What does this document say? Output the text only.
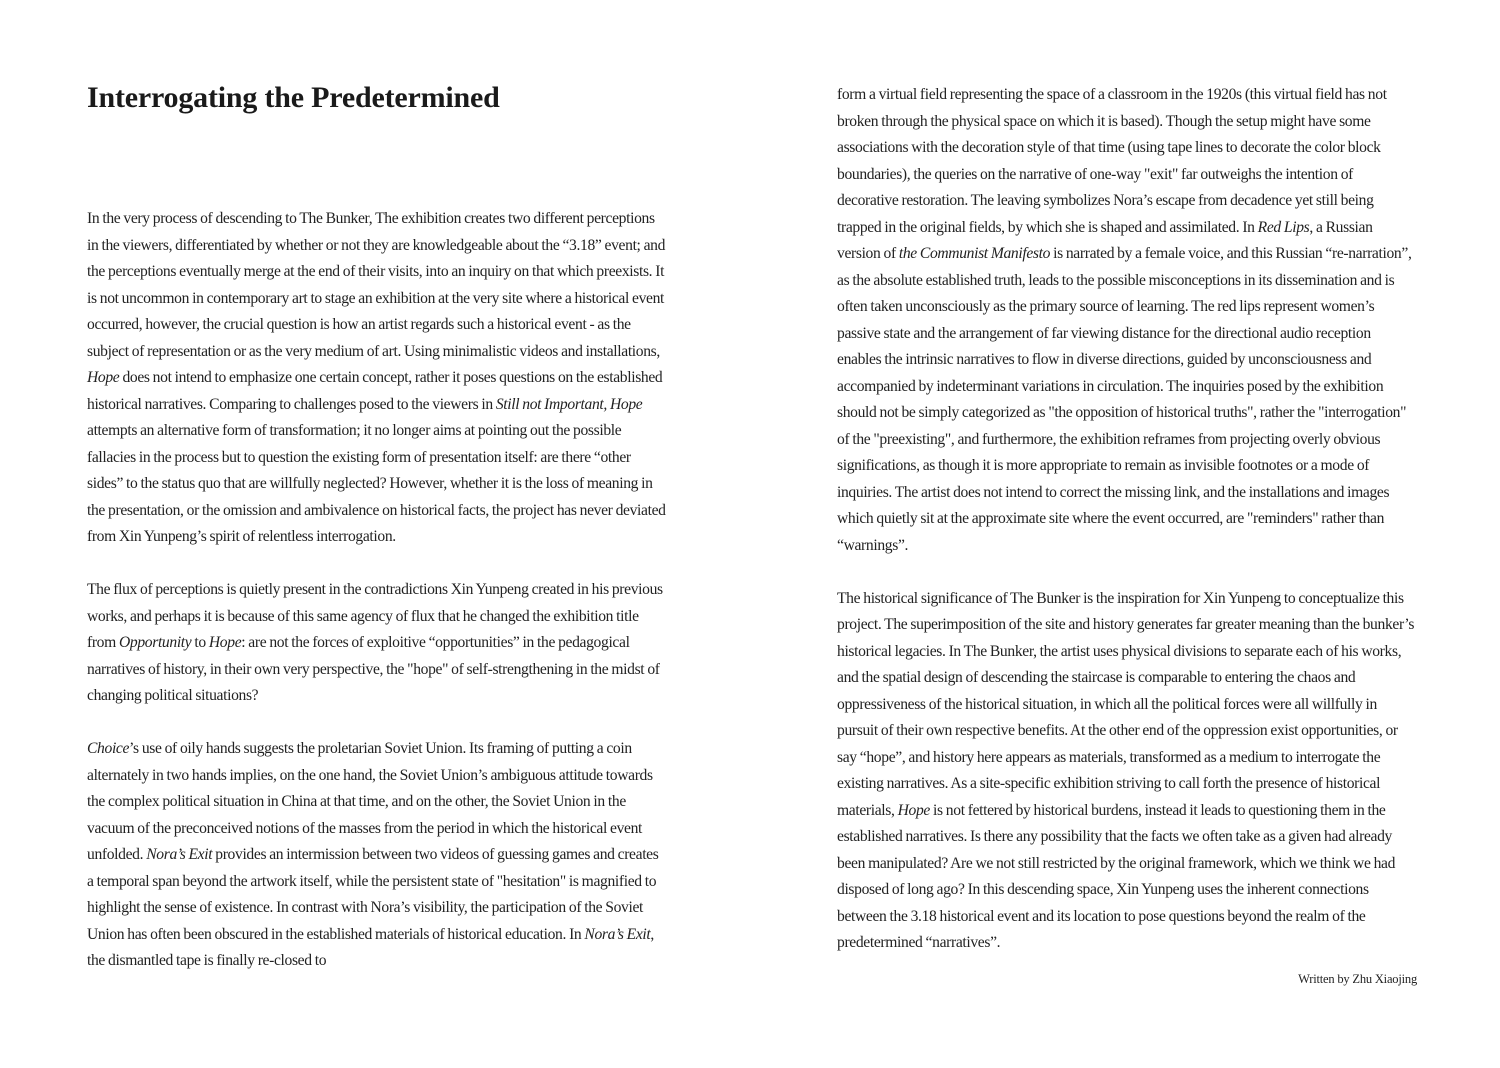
Interrogating the Predetermined

In the very process of descending to The Bunker, The exhibition creates two different perceptions in the viewers, differentiated by whether or not they are knowledgeable about the “3.18” event; and the perceptions eventually merge at the end of their visits, into an inquiry on that which preexists. It is not uncommon in contemporary art to stage an exhibition at the very site where a historical event occurred, however, the crucial question is how an artist regards such a historical event - as the subject of representation or as the very medium of art. Using minimalistic videos and installations, Hope does not intend to emphasize one certain concept, rather it poses questions on the established historical narratives. Comparing to challenges posed to the viewers in Still not Important, Hope attempts an alternative form of transformation; it no longer aims at pointing out the possible fallacies in the process but to question the existing form of presentation itself: are there “other sides” to the status quo that are willfully neglected? However, whether it is the loss of meaning in the presentation, or the omission and ambivalence on historical facts, the project has never deviated from Xin Yunpeng’s spirit of relentless interrogation.

The flux of perceptions is quietly present in the contradictions Xin Yunpeng created in his previous works, and perhaps it is because of this same agency of flux that he changed the exhibition title from Opportunity to Hope: are not the forces of exploitive “opportunities” in the pedagogical narratives of history, in their own very perspective, the "hope" of self-strengthening in the midst of changing political situations?

Choice’s use of oily hands suggests the proletarian Soviet Union. Its framing of putting a coin alternately in two hands implies, on the one hand, the Soviet Union’s ambiguous attitude towards the complex political situation in China at that time, and on the other, the Soviet Union in the vacuum of the preconceived notions of the masses from the period in which the historical event unfolded. Nora’s Exit provides an intermission between two videos of guessing games and creates a temporal span beyond the artwork itself, while the persistent state of "hesitation" is magnified to highlight the sense of existence. In contrast with Nora’s visibility, the participation of the Soviet Union has often been obscured in the established materials of historical education. In Nora’s Exit, the dismantled tape is finally re-closed to

form a virtual field representing the space of a classroom in the 1920s (this virtual field has not broken through the physical space on which it is based). Though the setup might have some associations with the decoration style of that time (using tape lines to decorate the color block boundaries), the queries on the narrative of one-way "exit" far outweighs the intention of decorative restoration. The leaving symbolizes Nora’s escape from decadence yet still being trapped in the original fields, by which she is shaped and assimilated. In Red Lips, a Russian version of the Communist Manifesto is narrated by a female voice, and this Russian “re-narration”, as the absolute established truth, leads to the possible misconceptions in its dissemination and is often taken unconsciously as the primary source of learning. The red lips represent women’s passive state and the arrangement of far viewing distance for the directional audio reception enables the intrinsic narratives to flow in diverse directions, guided by unconsciousness and accompanied by indeterminant variations in circulation. The inquiries posed by the exhibition should not be simply categorized as "the opposition of historical truths", rather the "interrogation" of the "preexisting", and furthermore, the exhibition reframes from projecting overly obvious significations, as though it is more appropriate to remain as invisible footnotes or a mode of inquiries. The artist does not intend to correct the missing link, and the installations and images which quietly sit at the approximate site where the event occurred, are "reminders" rather than “warnings”.

The historical significance of The Bunker is the inspiration for Xin Yunpeng to conceptualize this project. The superimposition of the site and history generates far greater meaning than the bunker’s historical legacies. In The Bunker, the artist uses physical divisions to separate each of his works, and the spatial design of descending the staircase is comparable to entering the chaos and oppressiveness of the historical situation, in which all the political forces were all willfully in pursuit of their own respective benefits. At the other end of the oppression exist opportunities, or say “hope”, and history here appears as materials, transformed as a medium to interrogate the existing narratives. As a site-specific exhibition striving to call forth the presence of historical materials, Hope is not fettered by historical burdens, instead it leads to questioning them in the established narratives. Is there any possibility that the facts we often take as a given had already been manipulated? Are we not still restricted by the original framework, which we think we had disposed of long ago? In this descending space, Xin Yunpeng uses the inherent connections between the 3.18 historical event and its location to pose questions beyond the realm of the predetermined “narratives”.

Written by Zhu Xiaojing
